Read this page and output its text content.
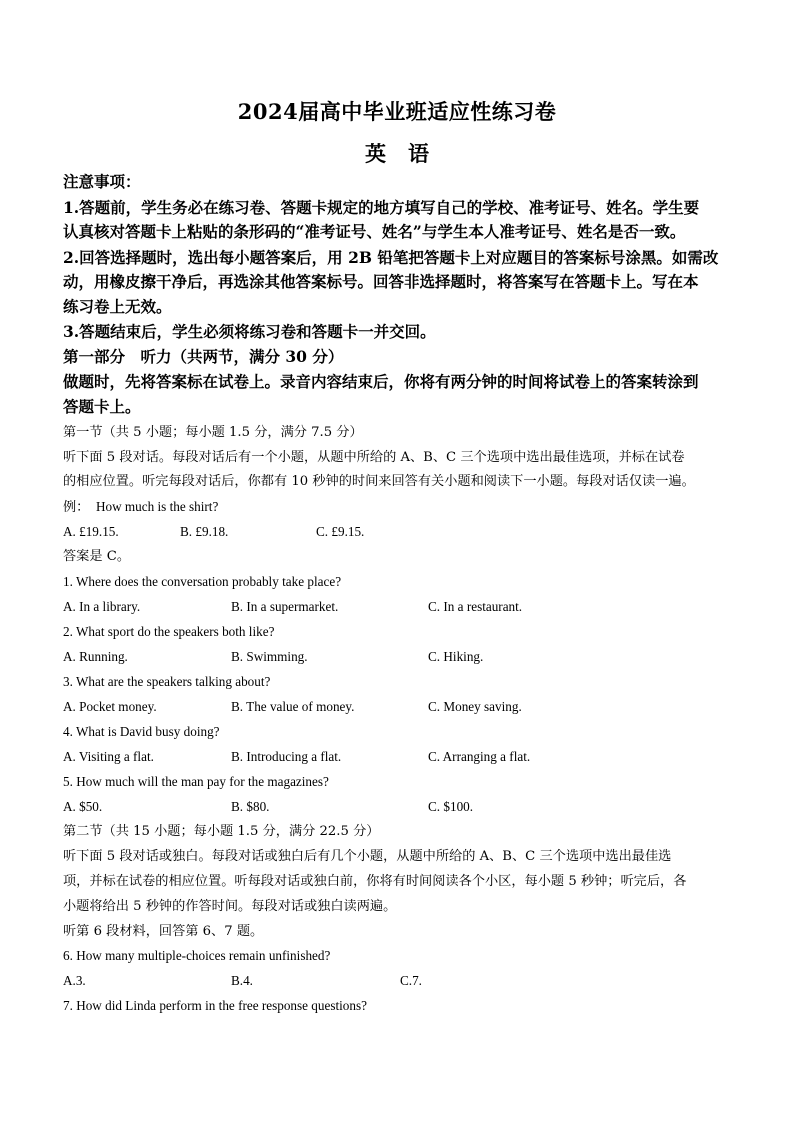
2024届高中毕业班适应性练习卷
英语
注意事项：
1.答题前，学生务必在练习卷、答题卡规定的地方填写自己的学校、准考证号、姓名。学生要
认真核对答题卡上粘贴的条形码的“准考证号、姓名”与学生本人准考证号、姓名是否一致。
2.回答选择题时，选出每小题答案后，用 2B 铅笔把答题卡上对应题目的答案标号涂黑。如需改
动，用橡皮擦干净后，再选涂其他答案标号。回答非选择题时，将答案写在答题卡上。写在本
练习卷上无效。
3.答题结束后，学生必须将练习卷和答题卡一并交回。
第一部分　听力（共两节，满分 30 分）
做题时，先将答案标在试卷上。录音内容结束后，你将有两分钟的时间将试卷上的答案转涂到
答题卡上。
第一节（共 5 小题；每小题 1.5 分，满分 7.5 分）
听下面 5 段对话。每段对话后有一个小题，从题中所给的 A、B、C 三个选项中选出最佳选项，并标在试卷
的相应位置。听完每段对话后，你都有 10 秒钟的时间来回答有关小题和阅读下一小题。每段对话仅读一遍。
例：　How much is the shirt?
A. £19.15.	B. £9.18.	C. £9.15.
答案是 C。
1. Where does the conversation probably take place?
A. In a library.	B. In a supermarket.	C. In a restaurant.
2. What sport do the speakers both like?
A. Running.	B. Swimming.	C. Hiking.
3. What are the speakers talking about?
A. Pocket money.	B. The value of money.	C. Money saving.
4. What is David busy doing?
A. Visiting a flat.	B. Introducing a flat.	C. Arranging a flat.
5. How much will the man pay for the magazines?
A. $50.	B. $80.	C. $100.
第二节（共 15 小题；每小题 1.5 分，满分 22.5 分）
听下面 5 段对话或独白。每段对话或独白后有几个小题，从题中所给的 A、B、C 三个选项中选出最佳选
项，并标在试卷的相应位置。听每段对话或独白前，你将有时间阅读各个小区，每小题 5 秒钟；听完后，各
小题将给出 5 秒钟的作答时间。每段对话或独白读两遍。
听第 6 段材料，回答第 6、7 题。
6. How many multiple-choices remain unfinished?
A.3.	B.4.	C.7.
7. How did Linda perform in the free response questions?
